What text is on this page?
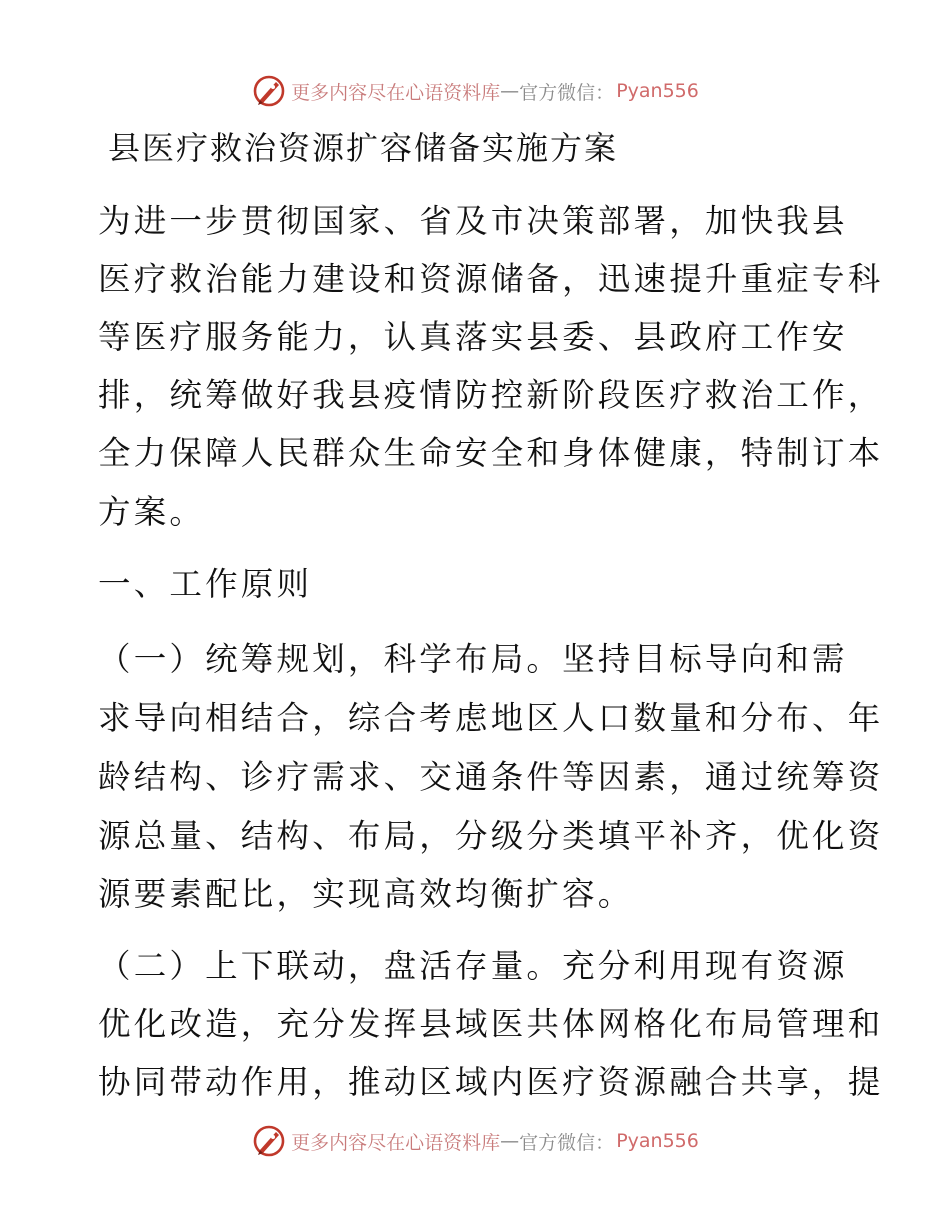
更多内容尽在心语资料库 — 官方微信： Pyan556
县医疗救治资源扩容储备实施方案
为进一步贯彻国家、省及市决策部署，加快我县
医疗救治能力建设和资源储备，迅速提升重症专科
等医疗服务能力，认真落实县委、县政府工作安
排，统筹做好我县疫情防控新阶段医疗救治工作，
全力保障人民群众生命安全和身体健康，特制订本
方案。
一、工作原则
（一）统筹规划，科学布局。坚持目标导向和需
求导向相结合，综合考虑地区人口数量和分布、年
龄结构、诊疗需求、交通条件等因素，通过统筹资
源总量、结构、布局，分级分类填平补齐，优化资
源要素配比，实现高效均衡扩容。
（二）上下联动，盘活存量。充分利用现有资源
优化改造，充分发挥县域医共体网格化布局管理和
协同带动作用，推动区域内医疗资源融合共享，提
更多内容尽在心语资料库 — 官方微信： Pyan556
